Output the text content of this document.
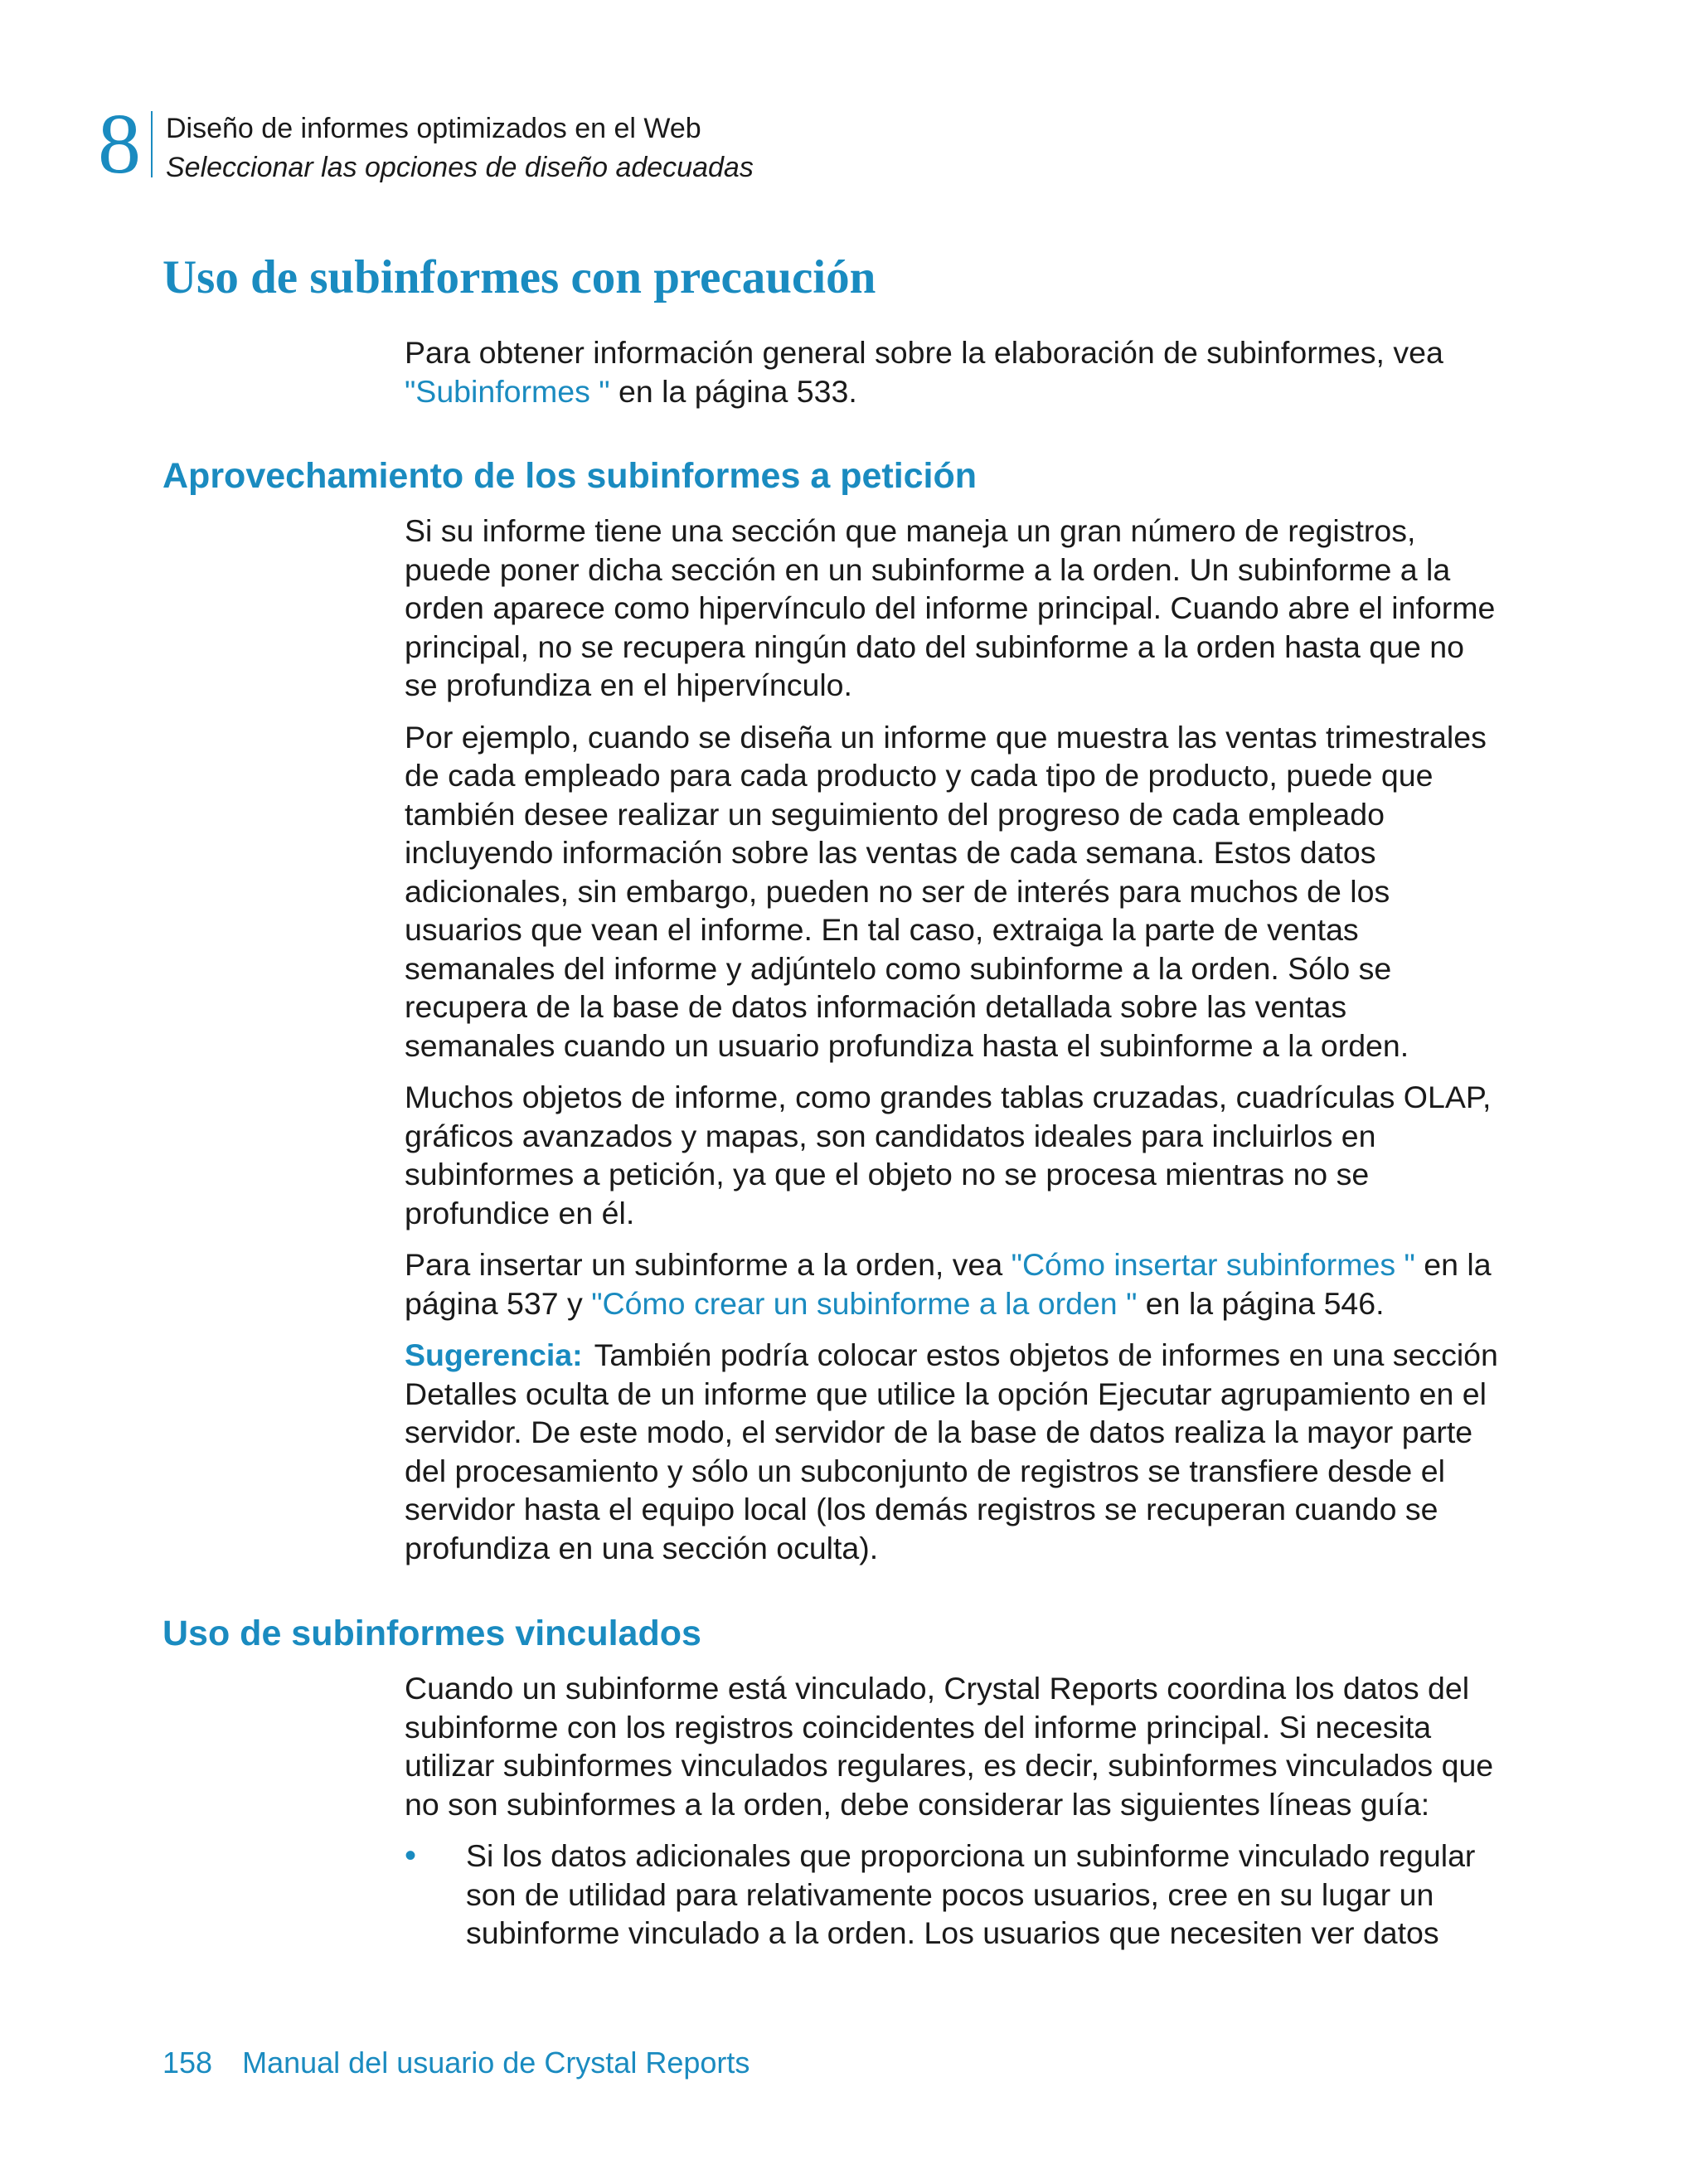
8 Diseño de informes optimizados en el Web
Seleccionar las opciones de diseño adecuadas
Uso de subinformes con precaución

Para obtener información general sobre la elaboración de subinformes, vea "Subinformes " en la página 533.

Aprovechamiento de los subinformes a petición

Si su informe tiene una sección que maneja un gran número de registros, puede poner dicha sección en un subinforme a la orden. Un subinforme a la orden aparece como hipervínculo del informe principal. Cuando abre el informe principal, no se recupera ningún dato del subinforme a la orden hasta que no se profundiza en el hipervínculo.

Por ejemplo, cuando se diseña un informe que muestra las ventas trimestrales de cada empleado para cada producto y cada tipo de producto, puede que también desee realizar un seguimiento del progreso de cada empleado incluyendo información sobre las ventas de cada semana. Estos datos adicionales, sin embargo, pueden no ser de interés para muchos de los usuarios que vean el informe. En tal caso, extraiga la parte de ventas semanales del informe y adjúntelo como subinforme a la orden. Sólo se recupera de la base de datos información detallada sobre las ventas semanales cuando un usuario profundiza hasta el subinforme a la orden.

Muchos objetos de informe, como grandes tablas cruzadas, cuadrículas OLAP, gráficos avanzados y mapas, son candidatos ideales para incluirlos en subinformes a petición, ya que el objeto no se procesa mientras no se profundice en él.

Para insertar un subinforme a la orden, vea "Cómo insertar subinformes " en la página 537 y "Cómo crear un subinforme a la orden " en la página 546.

Sugerencia: También podría colocar estos objetos de informes en una sección Detalles oculta de un informe que utilice la opción Ejecutar agrupamiento en el servidor. De este modo, el servidor de la base de datos realiza la mayor parte del procesamiento y sólo un subconjunto de registros se transfiere desde el servidor hasta el equipo local (los demás registros se recuperan cuando se profundiza en una sección oculta).

Uso de subinformes vinculados

Cuando un subinforme está vinculado, Crystal Reports coordina los datos del subinforme con los registros coincidentes del informe principal. Si necesita utilizar subinformes vinculados regulares, es decir, subinformes vinculados que no son subinformes a la orden, debe considerar las siguientes líneas guía:

• Si los datos adicionales que proporciona un subinforme vinculado regular son de utilidad para relativamente pocos usuarios, cree en su lugar un subinforme vinculado a la orden. Los usuarios que necesiten ver datos
158 Manual del usuario de Crystal Reports
